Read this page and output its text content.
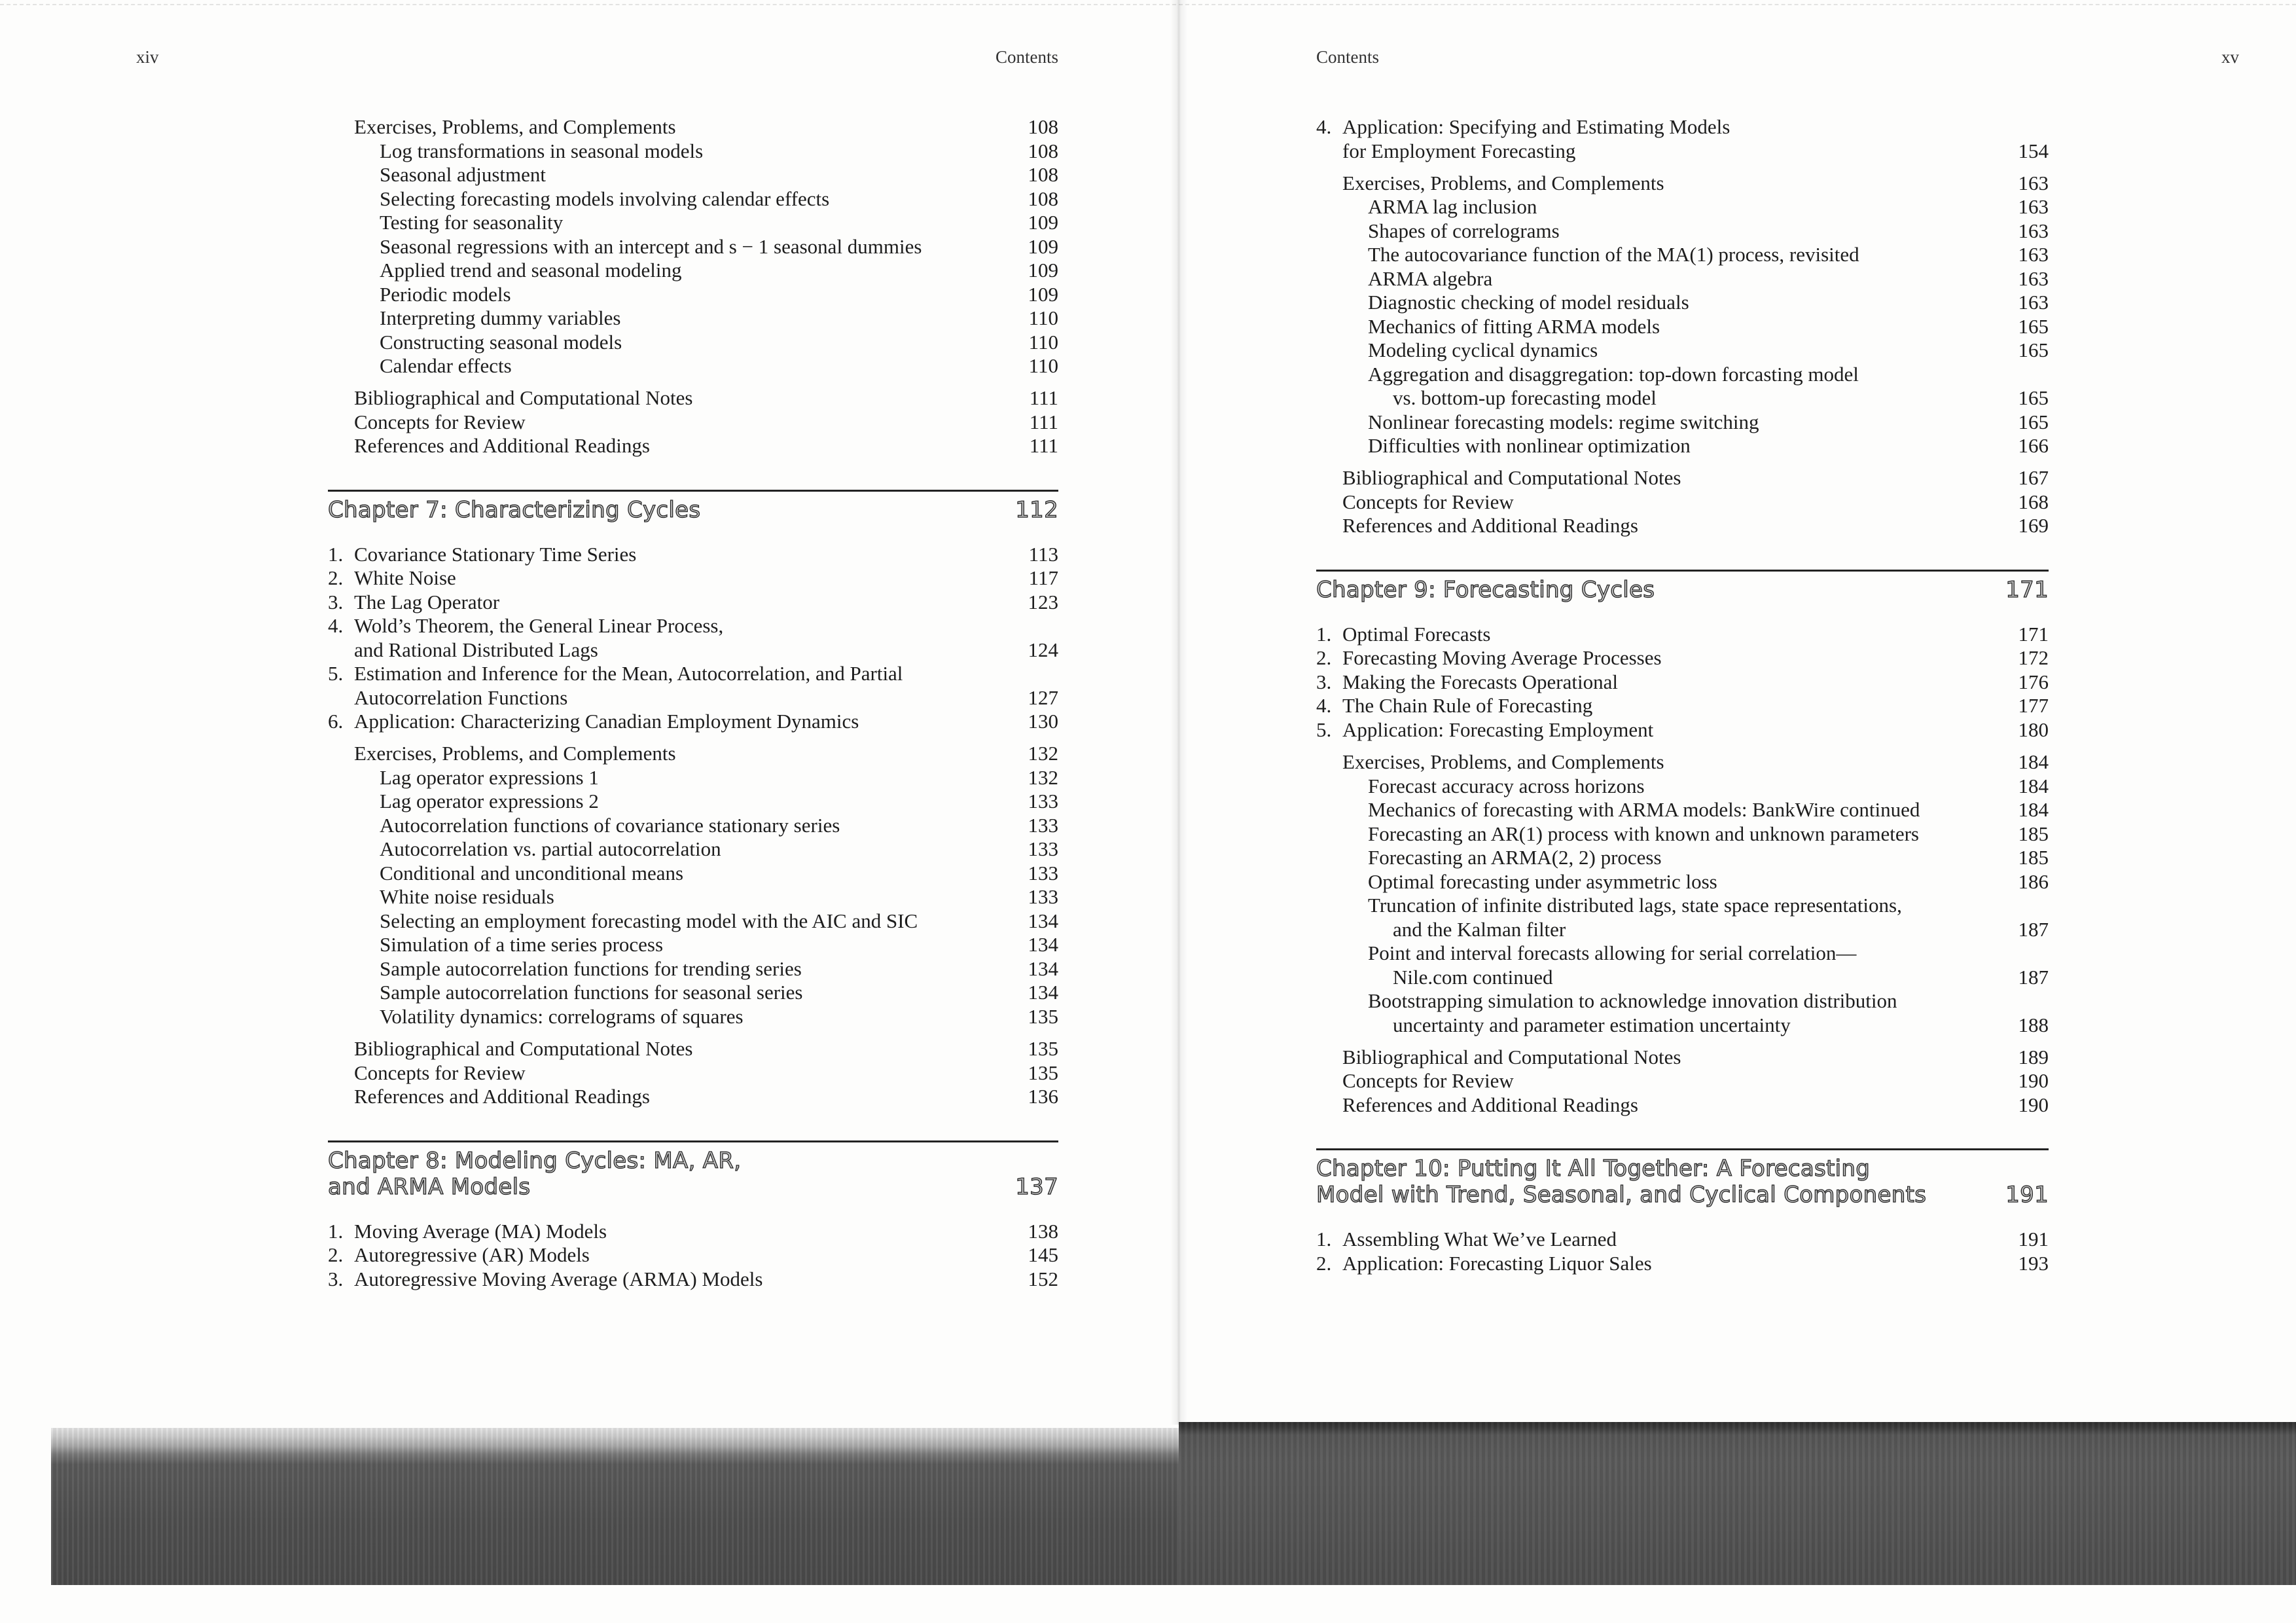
xiv	Contents	Contents	xv
Exercises, Problems, and Complements	108
Log transformations in seasonal models	108
Seasonal adjustment	108
Selecting forecasting models involving calendar effects	108
Testing for seasonality	109
Seasonal regressions with an intercept and s − 1 seasonal dummies	109
Applied trend and seasonal modeling	109
Periodic models	109
Interpreting dummy variables	110
Constructing seasonal models	110
Calendar effects	110
Bibliographical and Computational Notes	111
Concepts for Review	111
References and Additional Readings	111
Chapter 7: Characterizing Cycles	112
1. Covariance Stationary Time Series	113
2. White Noise	117
3. The Lag Operator	123
4. Wold’s Theorem, the General Linear Process,
and Rational Distributed Lags	124
5. Estimation and Inference for the Mean, Autocorrelation, and Partial
Autocorrelation Functions	127
6. Application: Characterizing Canadian Employment Dynamics	130
Exercises, Problems, and Complements	132
Lag operator expressions 1	132
Lag operator expressions 2	133
Autocorrelation functions of covariance stationary series	133
Autocorrelation vs. partial autocorrelation	133
Conditional and unconditional means	133
White noise residuals	133
Selecting an employment forecasting model with the AIC and SIC	134
Simulation of a time series process	134
Sample autocorrelation functions for trending series	134
Sample autocorrelation functions for seasonal series	134
Volatility dynamics: correlograms of squares	135
Bibliographical and Computational Notes	135
Concepts for Review	135
References and Additional Readings	136
Chapter 8: Modeling Cycles: MA, AR,
and ARMA Models	137
1. Moving Average (MA) Models	138
2. Autoregressive (AR) Models	145
3. Autoregressive Moving Average (ARMA) Models	152
4. Application: Specifying and Estimating Models
for Employment Forecasting	154
Exercises, Problems, and Complements	163
ARMA lag inclusion	163
Shapes of correlograms	163
The autocovariance function of the MA(1) process, revisited	163
ARMA algebra	163
Diagnostic checking of model residuals	163
Mechanics of fitting ARMA models	165
Modeling cyclical dynamics	165
Aggregation and disaggregation: top-down forcasting model
vs. bottom-up forecasting model	165
Nonlinear forecasting models: regime switching	165
Difficulties with nonlinear optimization	166
Bibliographical and Computational Notes	167
Concepts for Review	168
References and Additional Readings	169
Chapter 9: Forecasting Cycles	171
1. Optimal Forecasts	171
2. Forecasting Moving Average Processes	172
3. Making the Forecasts Operational	176
4. The Chain Rule of Forecasting	177
5. Application: Forecasting Employment	180
Exercises, Problems, and Complements	184
Forecast accuracy across horizons	184
Mechanics of forecasting with ARMA models: BankWire continued	184
Forecasting an AR(1) process with known and unknown parameters	185
Forecasting an ARMA(2, 2) process	185
Optimal forecasting under asymmetric loss	186
Truncation of infinite distributed lags, state space representations,
and the Kalman filter	187
Point and interval forecasts allowing for serial correlation—
Nile.com continued	187
Bootstrapping simulation to acknowledge innovation distribution
uncertainty and parameter estimation uncertainty	188
Bibliographical and Computational Notes	189
Concepts for Review	190
References and Additional Readings	190
Chapter 10: Putting It All Together: A Forecasting
Model with Trend, Seasonal, and Cyclical Components	191
1. Assembling What We’ve Learned	191
2. Application: Forecasting Liquor Sales	193
